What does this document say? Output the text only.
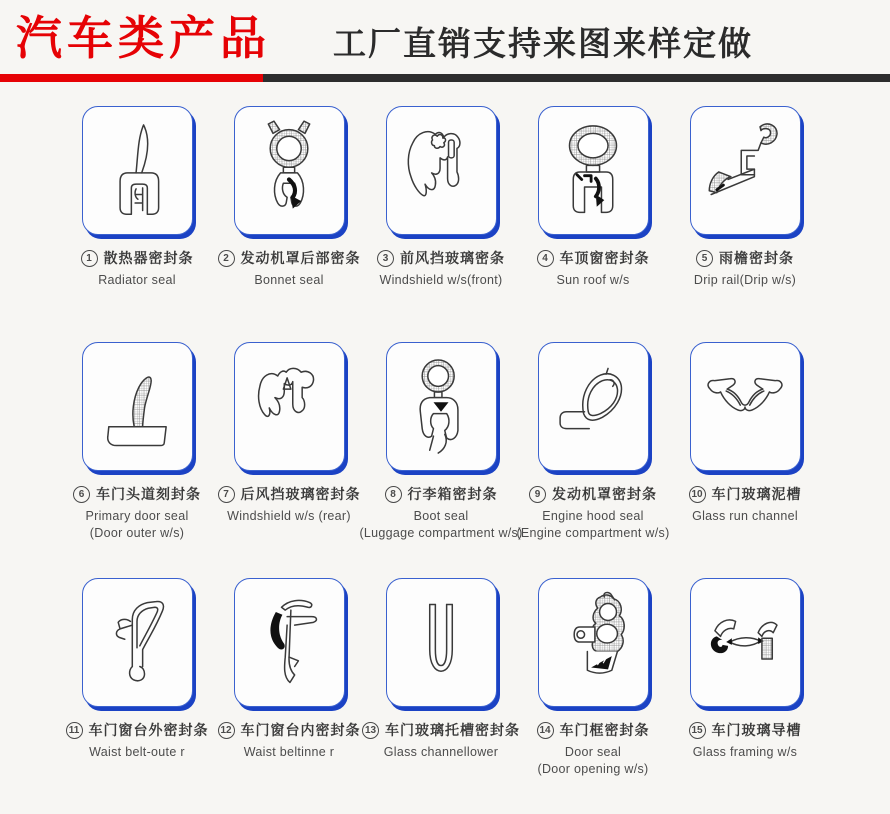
汽车类产品 工厂直销支持来图来样定做
1 散热器密封条
Radiator seal
2 发动机罩后部密条
Bonnet seal
3 前风挡玻璃密条
Windshield w/s(front)
4 车顶窗密封条
Sun roof w/s
5 雨檐密封条
Drip rail(Drip w/s)
6 车门头道刻封条
Primary door seal
(Door outer w/s)
7 后风挡玻璃密封条
Windshield w/s (rear)
8 行李箱密封条
Boot seal
(Luggage compartment w/s)
9 发动机罩密封条
Engine hood seal
(Engine compartment w/s)
10 车门玻璃泥槽
Glass run channel
11 车门窗台外密封条
Waist belt-oute r
12 车门窗台内密封条
Waist beltinne r
13 车门玻璃托槽密封条
Glass channellower
14 车门框密封条
Door seal
(Door opening w/s)
15 车门玻璃导槽
Glass framing w/s
